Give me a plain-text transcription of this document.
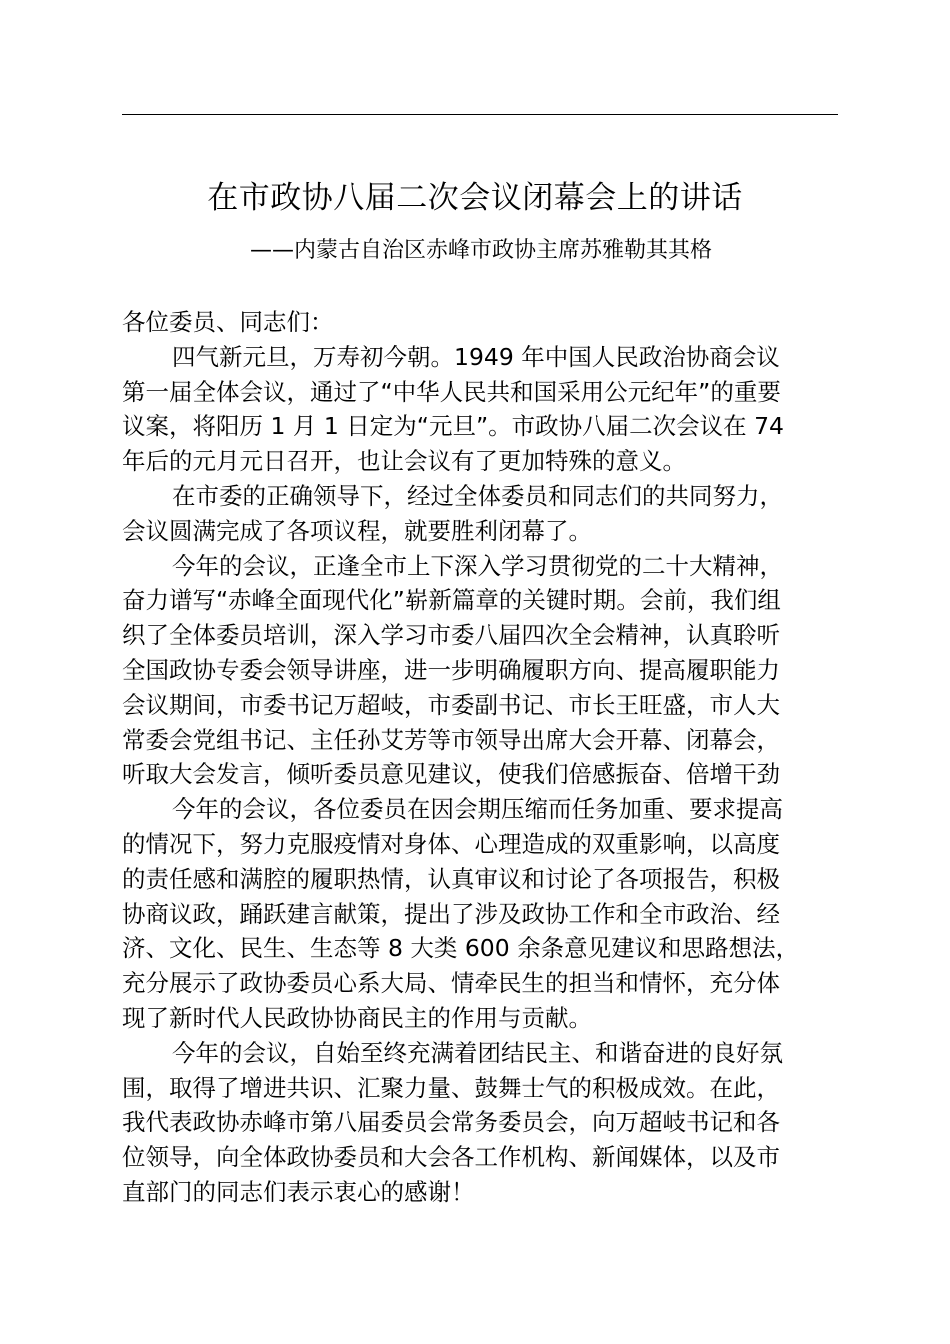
在市政协八届二次会议闭幕会上的讲话
——内蒙古自治区赤峰市政协主席苏雅勒其其格

各位委员、同志们：

四气新元旦，万寿初今朝。1949 年中国人民政治协商会议
第一届全体会议，通过了“中华人民共和国采用公元纪年”的重要
议案，将阳历 1 月 1 日定为“元旦”。市政协八届二次会议在 74
年后的元月元日召开，也让会议有了更加特殊的意义。
在市委的正确领导下，经过全体委员和同志们的共同努力，
会议圆满完成了各项议程，就要胜利闭幕了。
今年的会议，正逢全市上下深入学习贯彻党的二十大精神，
奋力谱写“赤峰全面现代化”崭新篇章的关键时期。会前，我们组
织了全体委员培训，深入学习市委八届四次全会精神，认真聆听
全国政协专委会领导讲座，进一步明确履职方向、提高履职能力
会议期间，市委书记万超岐，市委副书记、市长王旺盛，市人大
常委会党组书记、主任孙艾芳等市领导出席大会开幕、闭幕会，
听取大会发言，倾听委员意见建议，使我们倍感振奋、倍增干劲
今年的会议，各位委员在因会期压缩而任务加重、要求提高
的情况下，努力克服疫情对身体、心理造成的双重影响，以高度
的责任感和满腔的履职热情，认真审议和讨论了各项报告，积极
协商议政，踊跃建言献策，提出了涉及政协工作和全市政治、经
济、文化、民生、生态等 8 大类 600 余条意见建议和思路想法，
充分展示了政协委员心系大局、情牵民生的担当和情怀，充分体
现了新时代人民政协协商民主的作用与贡献。
今年的会议，自始至终充满着团结民主、和谐奋进的良好氛
围，取得了增进共识、汇聚力量、鼓舞士气的积极成效。在此，
我代表政协赤峰市第八届委员会常务委员会，向万超岐书记和各
位领导，向全体政协委员和大会各工作机构、新闻媒体，以及市
直部门的同志们表示衷心的感谢！
